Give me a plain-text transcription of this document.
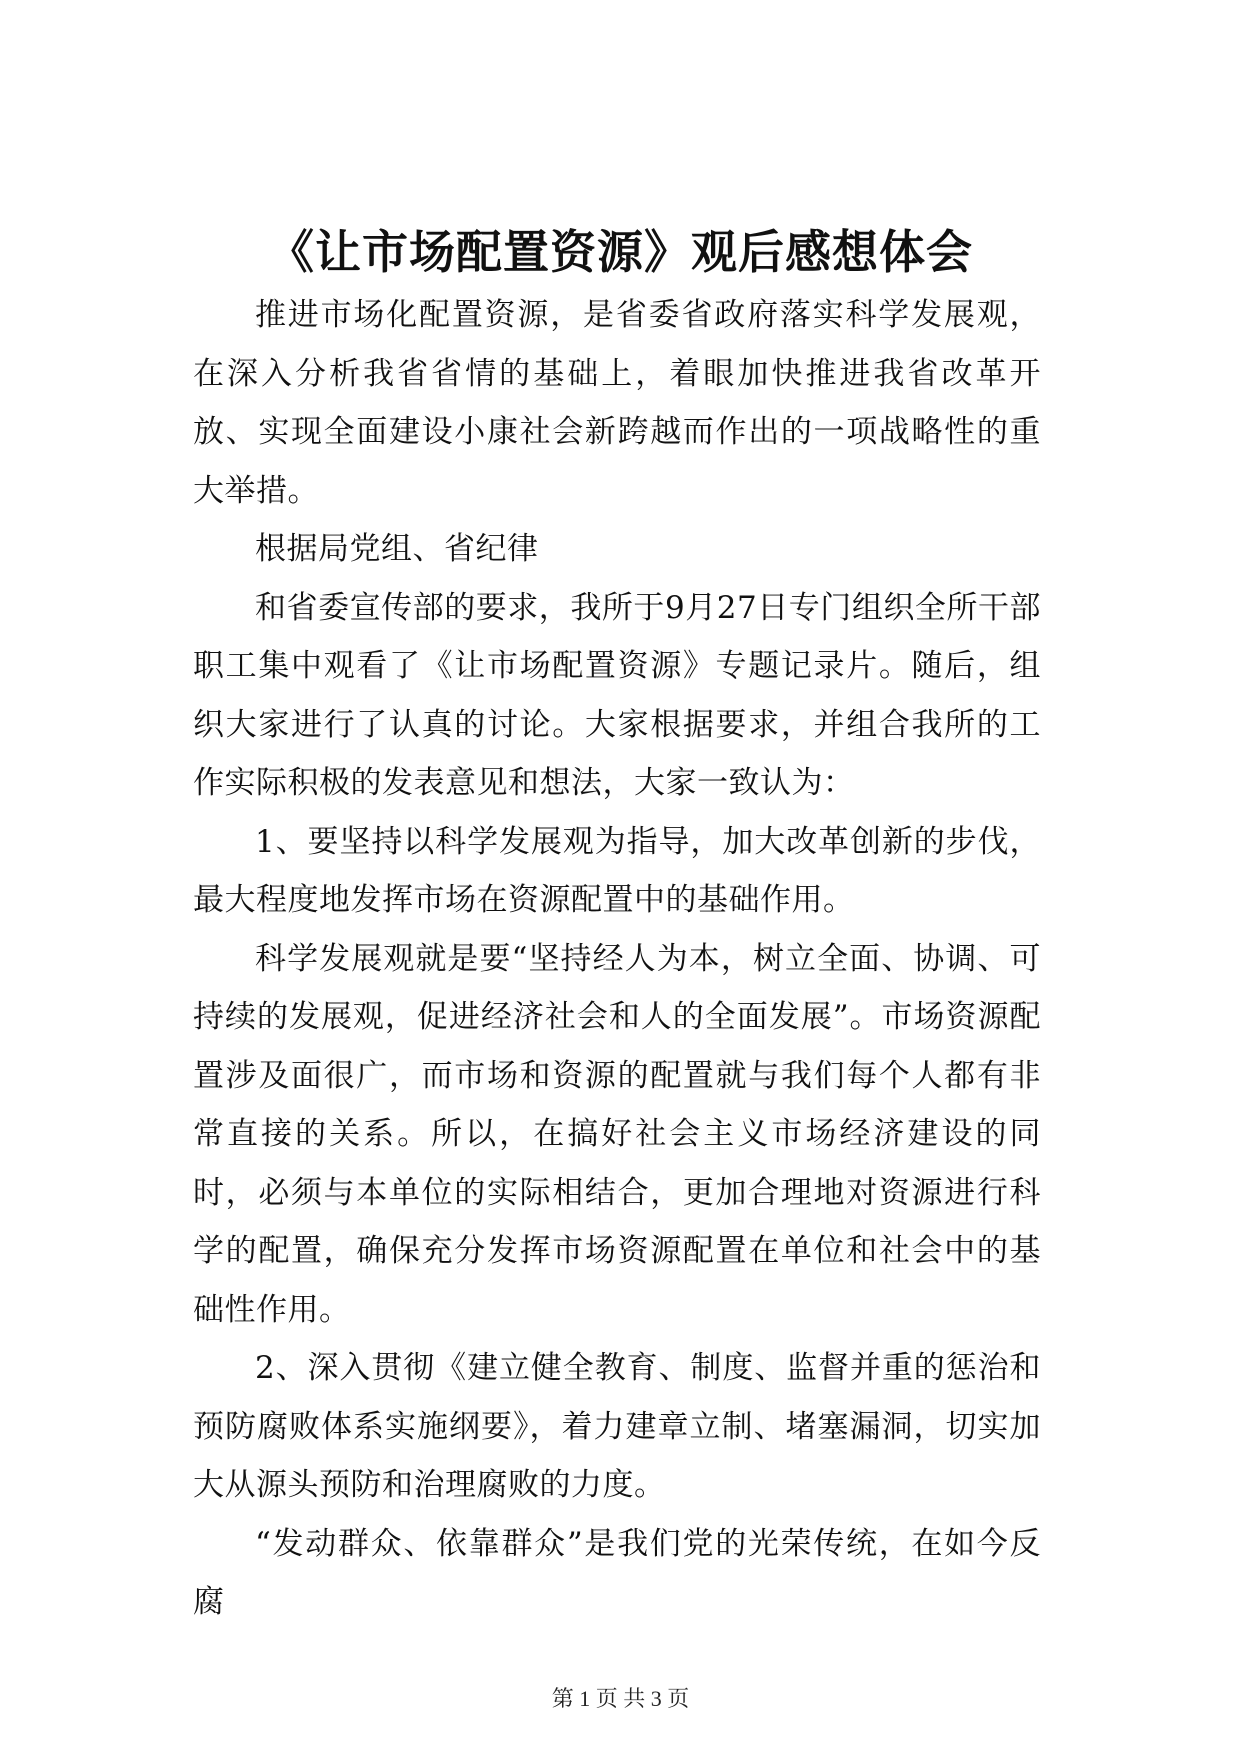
《让市场配置资源》观后感想体会

推进市场化配置资源，是省委省政府落实科学发展观，在深入分析我省省情的基础上，着眼加快推进我省改革开放、实现全面建设小康社会新跨越而作出的一项战略性的重大举措。

根据局党组、省纪律

和省委宣传部的要求，我所于9月27日专门组织全所干部职工集中观看了《让市场配置资源》专题记录片。随后，组织大家进行了认真的讨论。大家根据要求，并组合我所的工作实际积极的发表意见和想法，大家一致认为：

1、要坚持以科学发展观为指导，加大改革创新的步伐，最大程度地发挥市场在资源配置中的基础作用。

科学发展观就是要“坚持经人为本，树立全面、协调、可持续的发展观，促进经济社会和人的全面发展”。市场资源配置涉及面很广，而市场和资源的配置就与我们每个人都有非常直接的关系。所以，在搞好社会主义市场经济建设的同时，必须与本单位的实际相结合，更加合理地对资源进行科学的配置，确保充分发挥市场资源配置在单位和社会中的基础性作用。

2、深入贯彻《建立健全教育、制度、监督并重的惩治和预防腐败体系实施纲要》，着力建章立制、堵塞漏洞，切实加大从源头预防和治理腐败的力度。

“发动群众、依靠群众”是我们党的光荣传统，在如今反腐

第 1 页 共 3 页
